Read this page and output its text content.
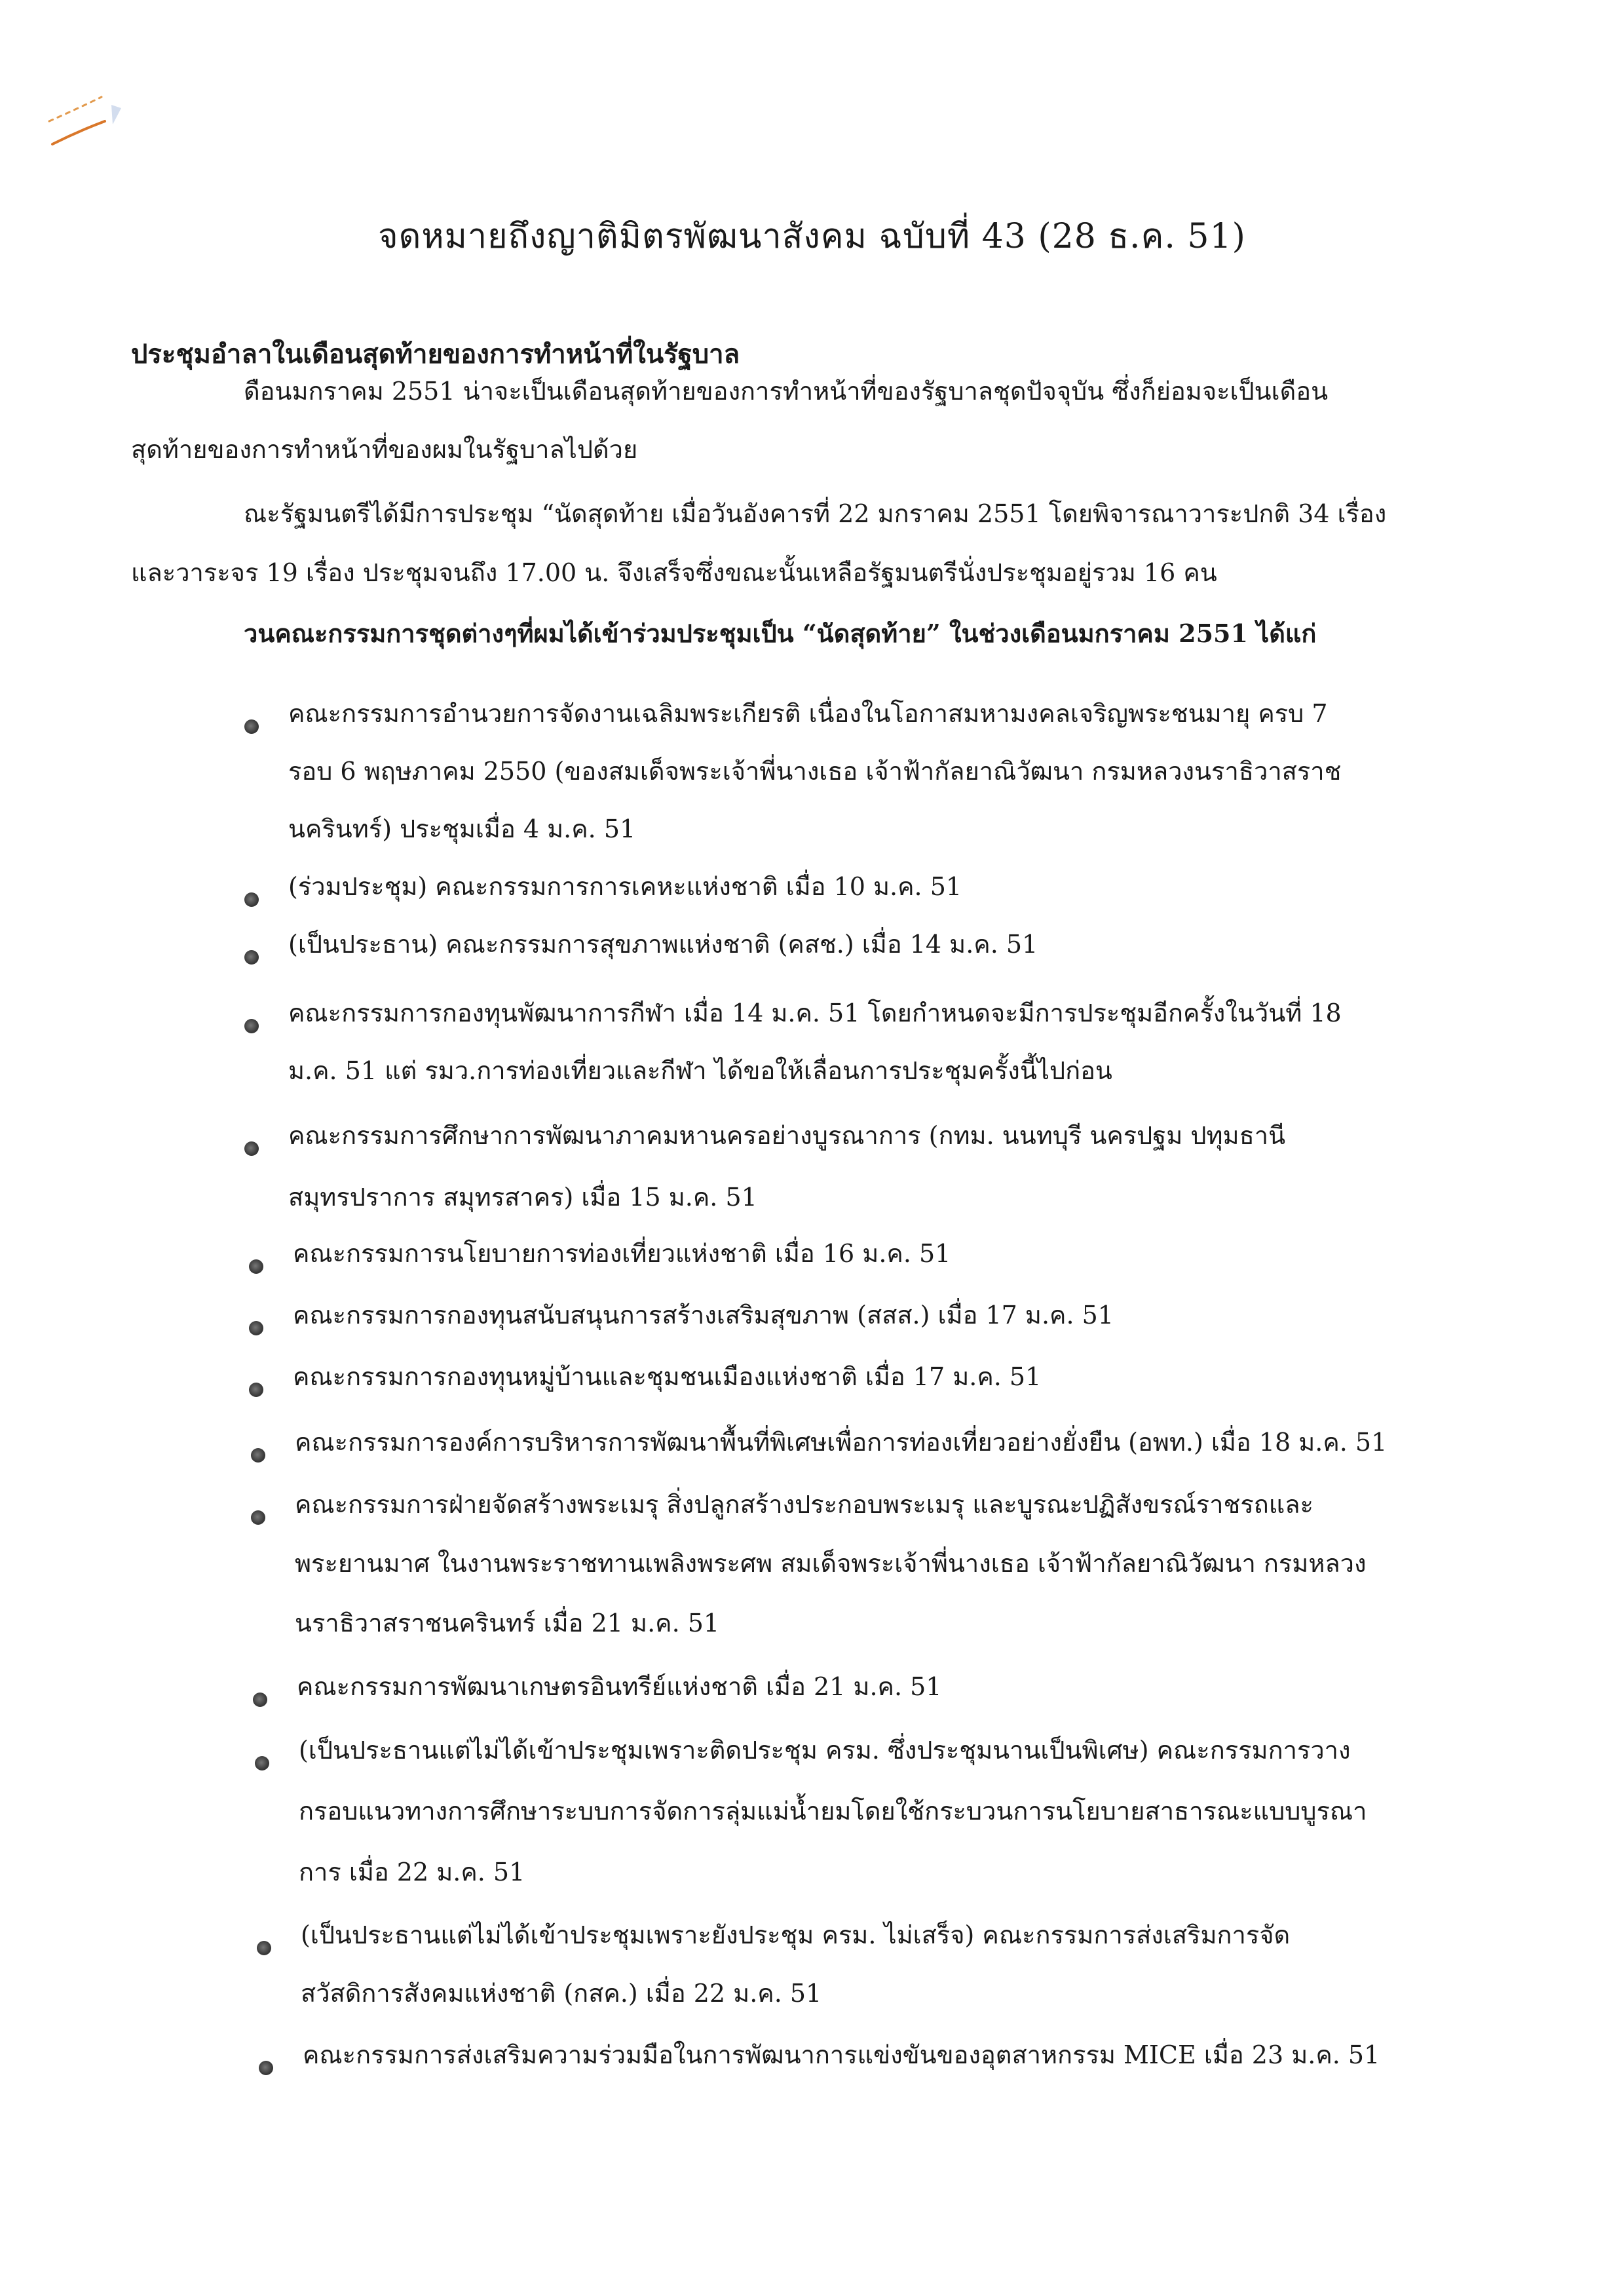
จดหมายถึงญาติมิตรพัฒนาสังคม ฉบับที่ 43 (28 ธ.ค. 51)
ประชุมอำลาในเดือนสุดท้ายของการทำหน้าที่ในรัฐบาล
ดือนมกราคม 2551 น่าจะเป็นเดือนสุดท้ายของการทำหน้าที่ของรัฐบาลชุดปัจจุบัน ซึ่งก็ย่อมจะเป็นเดือน
สุดท้ายของการทำหน้าที่ของผมในรัฐบาลไปด้วย
ณะรัฐมนตรีได้มีการประชุม “นัดสุดท้าย เมื่อวันอังคารที่ 22 มกราคม 2551 โดยพิจารณาวาระปกติ 34 เรื่อง
และวาระจร 19 เรื่อง ประชุมจนถึง 17.00 น. จึงเสร็จซึ่งขณะนั้นเหลือรัฐมนตรีนั่งประชุมอยู่รวม 16 คน
วนคณะกรรมการชุดต่างๆที่ผมได้เข้าร่วมประชุมเป็น “นัดสุดท้าย” ในช่วงเดือนมกราคม 2551 ได้แก่
คณะกรรมการอำนวยการจัดงานเฉลิมพระเกียรติ เนื่องในโอกาสมหามงคลเจริญพระชนมายุ ครบ 7
รอบ 6 พฤษภาคม 2550 (ของสมเด็จพระเจ้าพี่นางเธอ เจ้าฟ้ากัลยาณิวัฒนา กรมหลวงนราธิวาสราช
นครินทร์) ประชุมเมื่อ 4 ม.ค. 51
(ร่วมประชุม) คณะกรรมการการเคหะแห่งชาติ เมื่อ 10 ม.ค. 51
(เป็นประธาน) คณะกรรมการสุขภาพแห่งชาติ (คสช.) เมื่อ 14 ม.ค. 51
คณะกรรมการกองทุนพัฒนาการกีฬา เมื่อ 14 ม.ค. 51 โดยกำหนดจะมีการประชุมอีกครั้งในวันที่ 18
ม.ค. 51 แต่ รมว.การท่องเที่ยวและกีฬา ได้ขอให้เลื่อนการประชุมครั้งนี้ไปก่อน
คณะกรรมการศึกษาการพัฒนาภาคมหานครอย่างบูรณาการ (กทม. นนทบุรี นครปฐม ปทุมธานี
สมุทรปราการ สมุทรสาคร) เมื่อ 15 ม.ค. 51
คณะกรรมการนโยบายการท่องเที่ยวแห่งชาติ เมื่อ 16 ม.ค. 51
คณะกรรมการกองทุนสนับสนุนการสร้างเสริมสุขภาพ (สสส.) เมื่อ 17 ม.ค. 51
คณะกรรมการกองทุนหมู่บ้านและชุมชนเมืองแห่งชาติ เมื่อ 17 ม.ค. 51
คณะกรรมการองค์การบริหารการพัฒนาพื้นที่พิเศษเพื่อการท่องเที่ยวอย่างยั่งยืน (อพท.) เมื่อ 18 ม.ค. 51
คณะกรรมการฝ่ายจัดสร้างพระเมรุ สิ่งปลูกสร้างประกอบพระเมรุ และบูรณะปฏิสังขรณ์ราชรถและ
พระยานมาศ ในงานพระราชทานเพลิงพระศพ สมเด็จพระเจ้าพี่นางเธอ เจ้าฟ้ากัลยาณิวัฒนา กรมหลวง
นราธิวาสราชนครินทร์ เมื่อ 21 ม.ค. 51
คณะกรรมการพัฒนาเกษตรอินทรีย์แห่งชาติ เมื่อ 21 ม.ค. 51
(เป็นประธานแต่ไม่ได้เข้าประชุมเพราะติดประชุม ครม. ซึ่งประชุมนานเป็นพิเศษ) คณะกรรมการวาง
กรอบแนวทางการศึกษาระบบการจัดการลุ่มแม่น้ำยมโดยใช้กระบวนการนโยบายสาธารณะแบบบูรณา
การ เมื่อ 22 ม.ค. 51
(เป็นประธานแต่ไม่ได้เข้าประชุมเพราะยังประชุม ครม. ไม่เสร็จ) คณะกรรมการส่งเสริมการจัด
สวัสดิการสังคมแห่งชาติ (กสค.) เมื่อ 22 ม.ค. 51
คณะกรรมการส่งเสริมความร่วมมือในการพัฒนาการแข่งขันของอุตสาหกรรม MICE เมื่อ 23 ม.ค. 51
